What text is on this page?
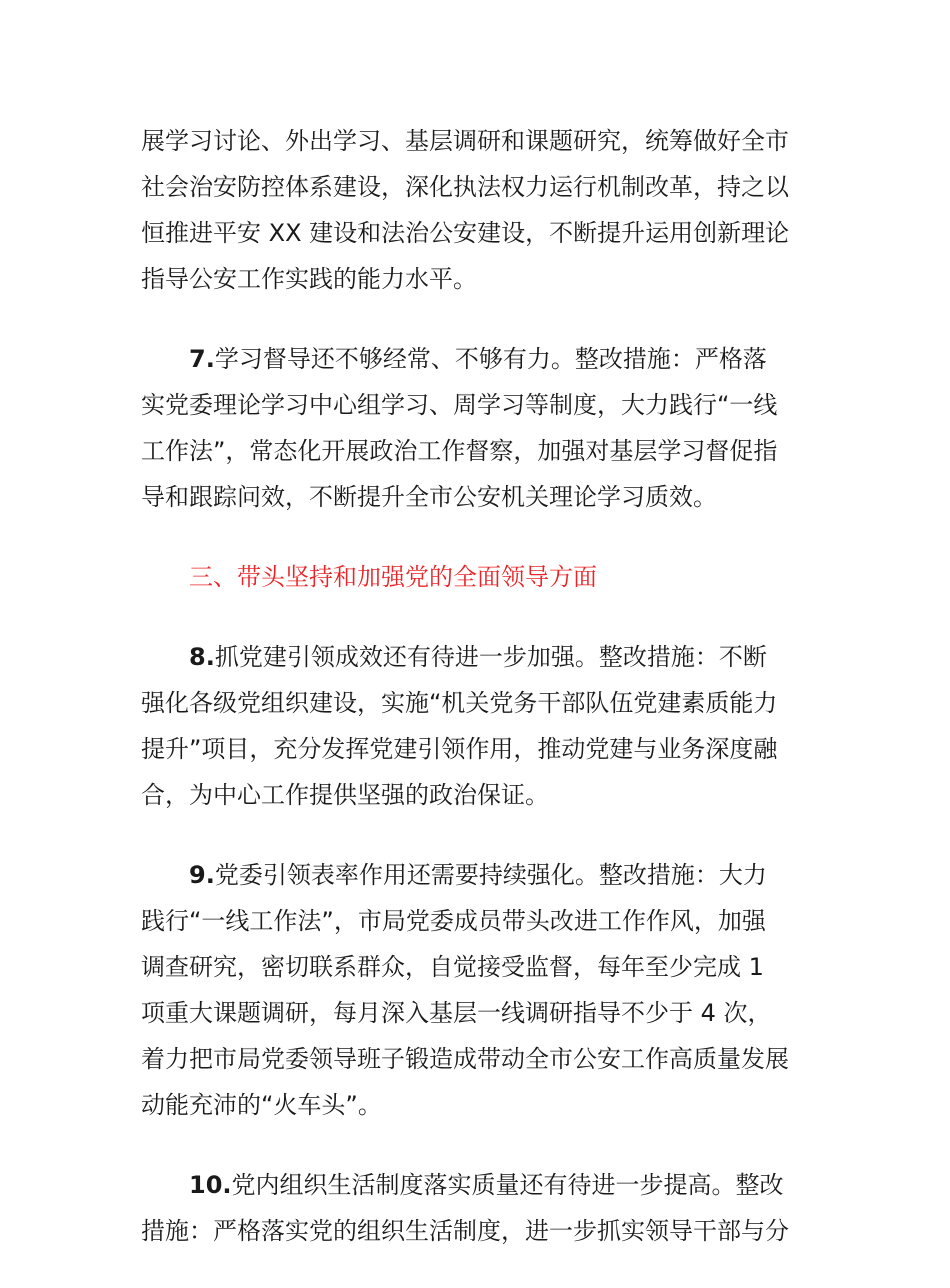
展学习讨论、外出学习、基层调研和课题研究，统筹做好全市
社会治安防控体系建设，深化执法权力运行机制改革，持之以
恒推进平安 XX 建设和法治公安建设，不断提升运用创新理论
指导公安工作实践的能力水平。

7.学习督导还不够经常、不够有力。整改措施：严格落
实党委理论学习中心组学习、周学习等制度，大力践行“一线
工作法”，常态化开展政治工作督察，加强对基层学习督促指
导和跟踪问效，不断提升全市公安机关理论学习质效。

三、带头坚持和加强党的全面领导方面

8.抓党建引领成效还有待进一步加强。整改措施：不断
强化各级党组织建设，实施“机关党务干部队伍党建素质能力
提升”项目，充分发挥党建引领作用，推动党建与业务深度融
合，为中心工作提供坚强的政治保证。

9.党委引领表率作用还需要持续强化。整改措施：大力
践行“一线工作法”，市局党委成员带头改进工作作风，加强
调查研究，密切联系群众，自觉接受监督，每年至少完成 1
项重大课题调研，每月深入基层一线调研指导不少于 4 次，
着力把市局党委领导班子锻造成带动全市公安工作高质量发展
动能充沛的“火车头”。

10.党内组织生活制度落实质量还有待进一步提高。整改
措施：严格落实党的组织生活制度，进一步抓实领导干部与分
